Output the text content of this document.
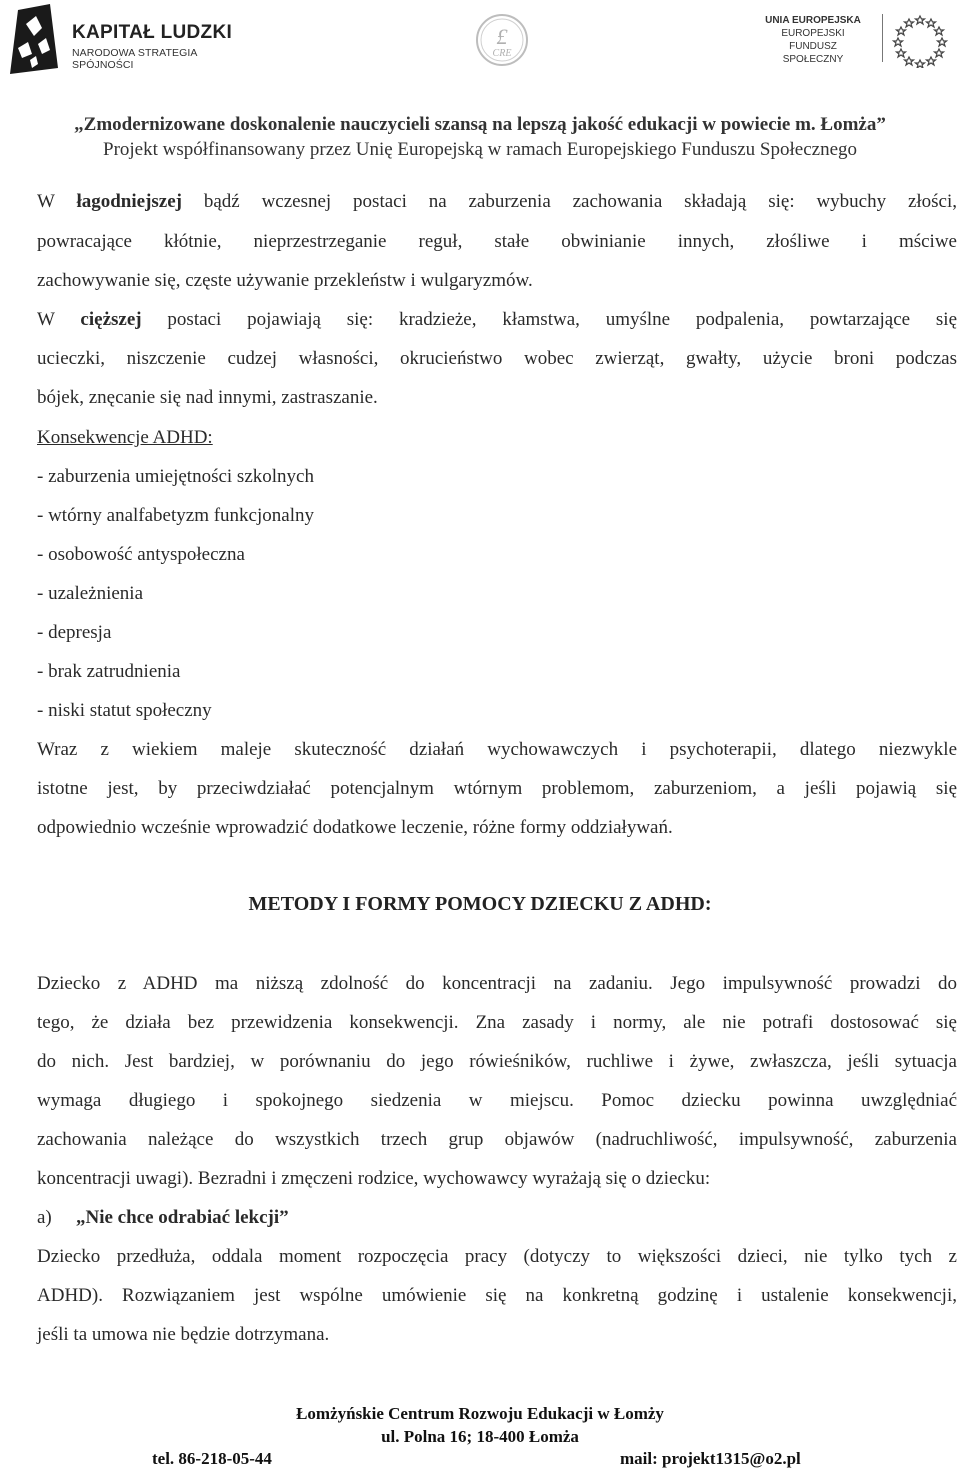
KAPITAŁ LUDZKI
NARODOWA STRATEGIA SPÓJNOŚCI
£
CRE
UNIA EUROPEJSKA
EUROPEJSKI
FUNDUSZ SPOŁECZNY
„Zmodernizowane doskonalenie nauczycieli szansą na lepszą jakość edukacji w powiecie m. Łomża”
Projekt współfinansowany przez Unię Europejską w ramach Europejskiego Funduszu Społecznego
W łagodniejszej bądź wczesnej postaci na zaburzenia zachowania składają się: wybuchy złości,
powracające kłótnie, nieprzestrzeganie reguł, stałe obwinianie innych, złośliwe i mściwe
zachowywanie się, częste używanie przekleństw i wulgaryzmów.
W cięższej postaci pojawiają się: kradzieże, kłamstwa, umyślne podpalenia, powtarzające się
ucieczki, niszczenie cudzej własności, okrucieństwo wobec zwierząt, gwałty, użycie broni podczas
bójek, znęcanie się nad innymi, zastraszanie.
Konsekwencje ADHD:
- zaburzenia umiejętności szkolnych
- wtórny analfabetyzm funkcjonalny
- osobowość antyspołeczna
- uzależnienia
- depresja
- brak zatrudnienia
- niski statut społeczny
Wraz z wiekiem maleje skuteczność działań wychowawczych i psychoterapii, dlatego niezwykle
istotne jest, by przeciwdziałać potencjalnym wtórnym problemom, zaburzeniom, a jeśli pojawią się
odpowiednio wcześnie wprowadzić dodatkowe leczenie, różne formy oddziaływań.
METODY I FORMY POMOCY DZIECKU Z ADHD:
Dziecko z ADHD ma niższą zdolność do koncentracji na zadaniu. Jego impulsywność prowadzi do
tego, że działa bez przewidzenia konsekwencji. Zna zasady i normy, ale nie potrafi dostosować się
do nich. Jest bardziej, w porównaniu do jego rówieśników, ruchliwe i żywe, zwłaszcza, jeśli sytuacja
wymaga długiego i spokojnego siedzenia w miejscu. Pomoc dziecku powinna uwzględniać
zachowania należące do wszystkich trzech grup objawów (nadruchliwość, impulsywność, zaburzenia
koncentracji uwagi). Bezradni i zmęczeni rodzice, wychowawcy wyrażają się o dziecku:
a) „Nie chce odrabiać lekcji”
Dziecko przedłuża, oddala moment rozpoczęcia pracy (dotyczy to większości dzieci, nie tylko tych z
ADHD). Rozwiązaniem jest wspólne umówienie się na konkretną godzinę i ustalenie konsekwencji,
jeśli ta umowa nie będzie dotrzymana.
Łomżyńskie Centrum Rozwoju Edukacji w Łomży
ul. Polna 16; 18-400 Łomża
tel. 86-218-05-44	mail: projekt1315@o2.pl
